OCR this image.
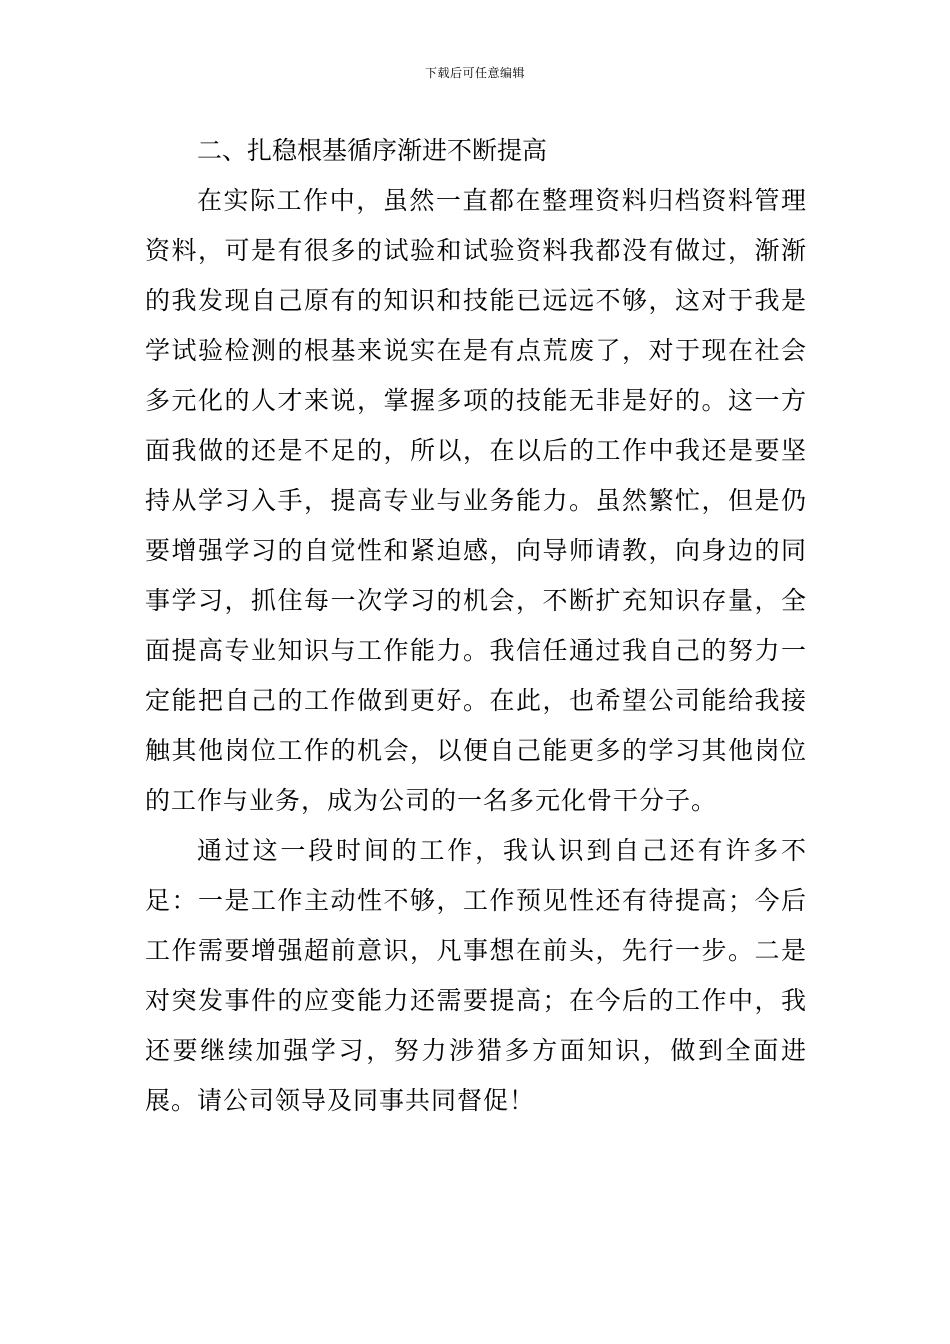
下载后可任意编辑
二、扎稳根基循序渐进不断提高

在实际工作中，虽然一直都在整理资料归档资料管理资料，可是有很多的试验和试验资料我都没有做过，渐渐的我发现自己原有的知识和技能已远远不够，这对于我是学试验检测的根基来说实在是有点荒废了，对于现在社会多元化的人才来说，掌握多项的技能无非是好的。这一方面我做的还是不足的，所以，在以后的工作中我还是要坚持从学习入手，提高专业与业务能力。虽然繁忙，但是仍要增强学习的自觉性和紧迫感，向导师请教，向身边的同事学习，抓住每一次学习的机会，不断扩充知识存量，全面提高专业知识与工作能力。我信任通过我自己的努力一定能把自己的工作做到更好。在此，也希望公司能给我接触其他岗位工作的机会，以便自己能更多的学习其他岗位的工作与业务，成为公司的一名多元化骨干分子。

通过这一段时间的工作，我认识到自己还有许多不足：一是工作主动性不够，工作预见性还有待提高；今后工作需要增强超前意识，凡事想在前头，先行一步。二是对突发事件的应变能力还需要提高；在今后的工作中，我还要继续加强学习，努力涉猎多方面知识，做到全面进展。请公司领导及同事共同督促！
